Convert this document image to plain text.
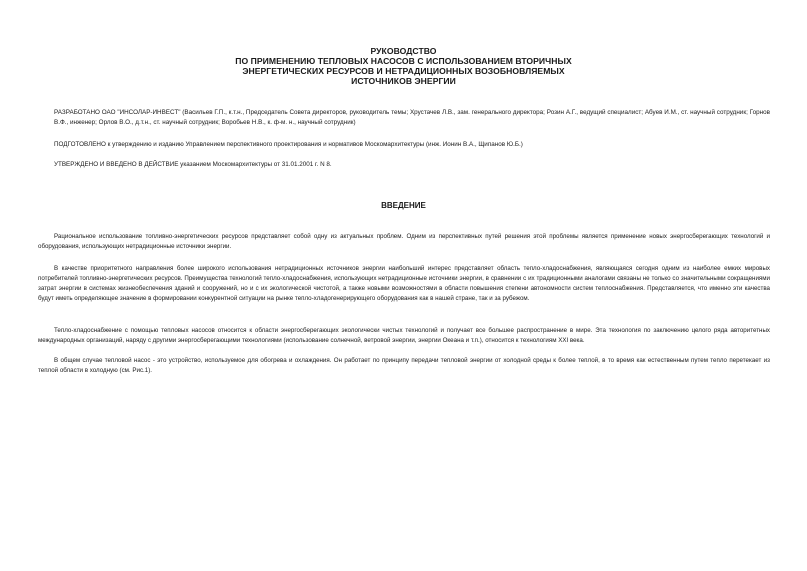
РУКОВОДСТВО
ПО ПРИМЕНЕНИЮ ТЕПЛОВЫХ НАСОСОВ С ИСПОЛЬЗОВАНИЕМ ВТОРИЧНЫХ
ЭНЕРГЕТИЧЕСКИХ РЕСУРСОВ И НЕТРАДИЦИОННЫХ ВОЗОБНОВЛЯЕМЫХ
ИСТОЧНИКОВ ЭНЕРГИИ
РАЗРАБОТАНО ОАО "ИНСОЛАР-ИНВЕСТ" (Васильев Г.П., к.т.н., Председатель Совета директоров, руководитель темы; Хрустачев Л.В., зам. генерального директора; Розин А.Г., ведущий специалист; Абуев И.М., ст. научный сотрудник; Горнов В.Ф., инженер; Орлов В.О., д.т.н., ст. научный сотрудник; Воробьев Н.В., к. ф-м. н., научный сотрудник)
ПОДГОТОВЛЕНО к утверждению и изданию Управлением перспективного проектирования и нормативов Москомархитектуры (инж. Ионин В.А., Щипанов Ю.Б.)
УТВЕРЖДЕНО И ВВЕДЕНО В ДЕЙСТВИЕ указанием Москомархитектуры от 31.01.2001 г. N 8.
ВВЕДЕНИЕ
Рациональное использование топливно-энергетических ресурсов представляет собой одну из актуальных проблем. Одним из перспективных путей решения этой проблемы является применение новых энергосберегающих технологий и оборудования, использующих нетрадиционные источники энергии.
В качестве приоритетного направления более широкого использования нетрадиционных источников энергии наибольший интерес представляет область тепло-хладоснабжения, являющаяся сегодня одним из наиболее емких мировых потребителей топливно-энергетических ресурсов. Преимущества технологий тепло-хладоснабжения, использующих нетрадиционные источники энергии, в сравнении с их традиционными аналогами связаны не только со значительными сокращениями затрат энергии в системах жизнеобеспечения зданий и сооружений, но и с их экологической чистотой, а также новыми возможностями в области повышения степени автономности систем теплоснабжения. Представляется, что именно эти качества будут иметь определяющее значение в формировании конкурентной ситуации на рынке тепло-хладогенерирующего оборудования как в нашей стране, так и за рубежом.
Тепло-хладоснабжение с помощью тепловых насосов относится к области энергосберегающих экологически чистых технологий и получает все большее распространение в мире. Эта технология по заключению целого ряда авторитетных международных организаций, наряду с другими энергосберегающими технологиями (использование солнечной, ветровой энергии, энергии Океана и т.п.), относится к технологиям XXI века.
В общем случае тепловой насос - это устройство, используемое для обогрева и охлаждения. Он работает по принципу передачи тепловой энергии от холодной среды к более теплой, в то время как естественным путем тепло перетекает из теплой области в холодную (см. Рис.1).
